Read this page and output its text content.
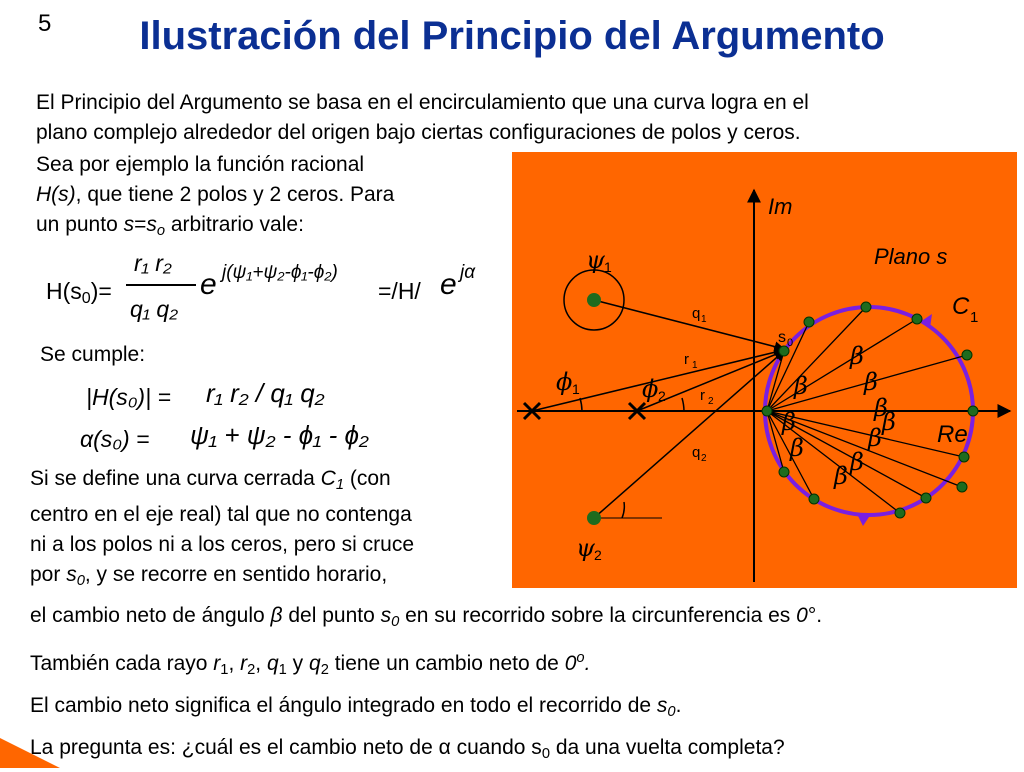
5	Ilustración del Principio del Argumento
El Principio del Argumento se basa en el encirculamiento que una curva logra en el
plano complejo alrededor del origen bajo ciertas configuraciones de polos y ceros.
Sea por ejemplo la función racional
H(s), que tiene 2 polos y 2 ceros. Para
un punto $s=s_o$ arbitrario vale:
$H(s_0)=$
r₁ r₂
q₁ q₂
e j(ψ₁+ψ₂-ϕ₁-ϕ₂)
=/H/ e jα
Se cumple:
|H(s₀)| = r₁ r₂ / q₁ q₂
α(s₀) = ψ₁ + ψ₂ - ϕ₁ - ϕ₂
Si se define una curva cerrada $C_1$ (con
centro en el eje real) tal que no contenga
ni a los polos ni a los ceros, pero si cruce
por $s_0$, y se recorre en sentido horario,
el cambio neto de ángulo β del punto $s_0$ en su recorrido sobre la circunferencia es 0°.
También cada rayo $r_1$, $r_2$, $q_1$ y $q_2$ tiene un cambio neto de 0$^o$.
El cambio neto significa el ángulo integrado en todo el recorrido de $s_0$.
La pregunta es: ¿cuál es el cambio neto de α cuando $s_0$ da una vuelta completa?
Im
Re
Plano s
C 1
s 0
q 1
q 2
r 1
r 2
ψ 1
ψ 2
ϕ 1	ϕ 2
β
β β
β
β
β
β
β β
β
